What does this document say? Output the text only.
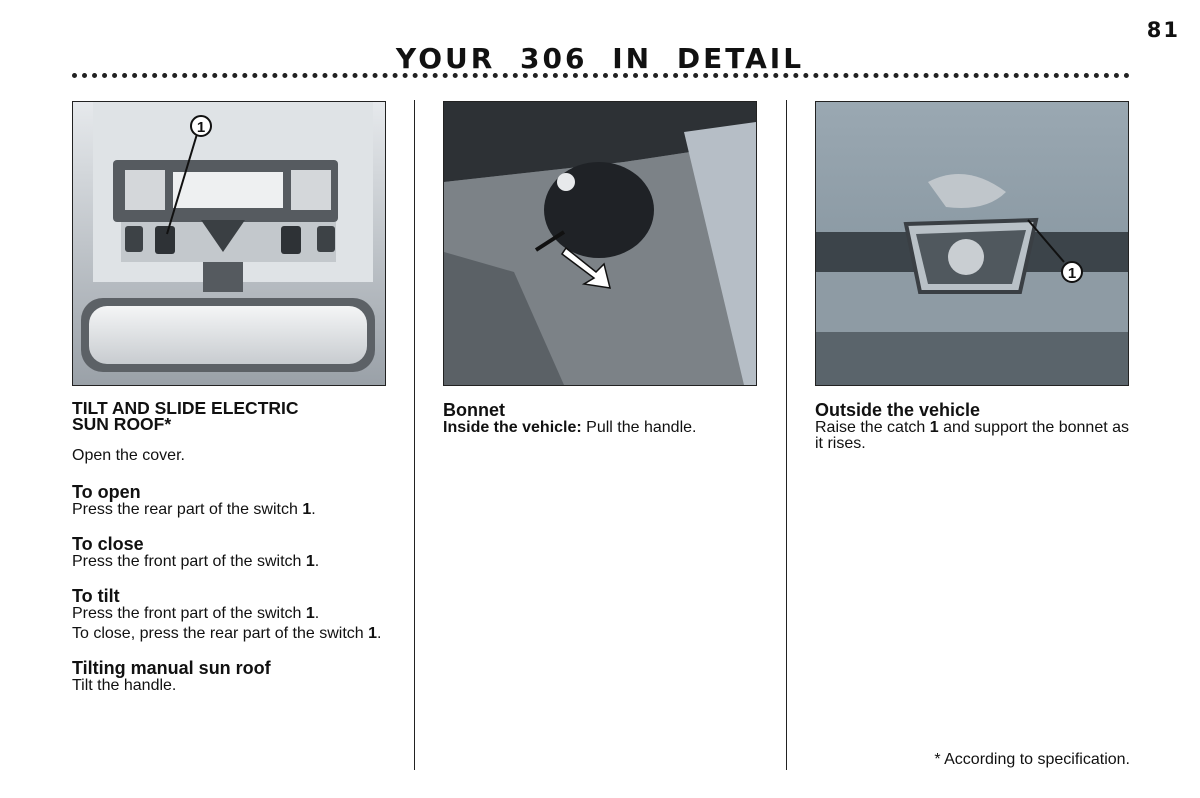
81
YOUR 306 IN DETAIL
1
1
TILT AND SLIDE ELECTRIC
SUN ROOF*

Open the cover.

To open

Press the rear part of the switch 1.

To close

Press the front part of the switch 1.

To tilt

Press the front part of the switch 1.

To close, press the rear part of the switch 1.

Tilting manual sun roof

Tilt the handle.

Bonnet

Inside the vehicle: Pull the handle.

Outside the vehicle

Raise the catch 1 and support the bonnet as it rises.

* According to specification.
